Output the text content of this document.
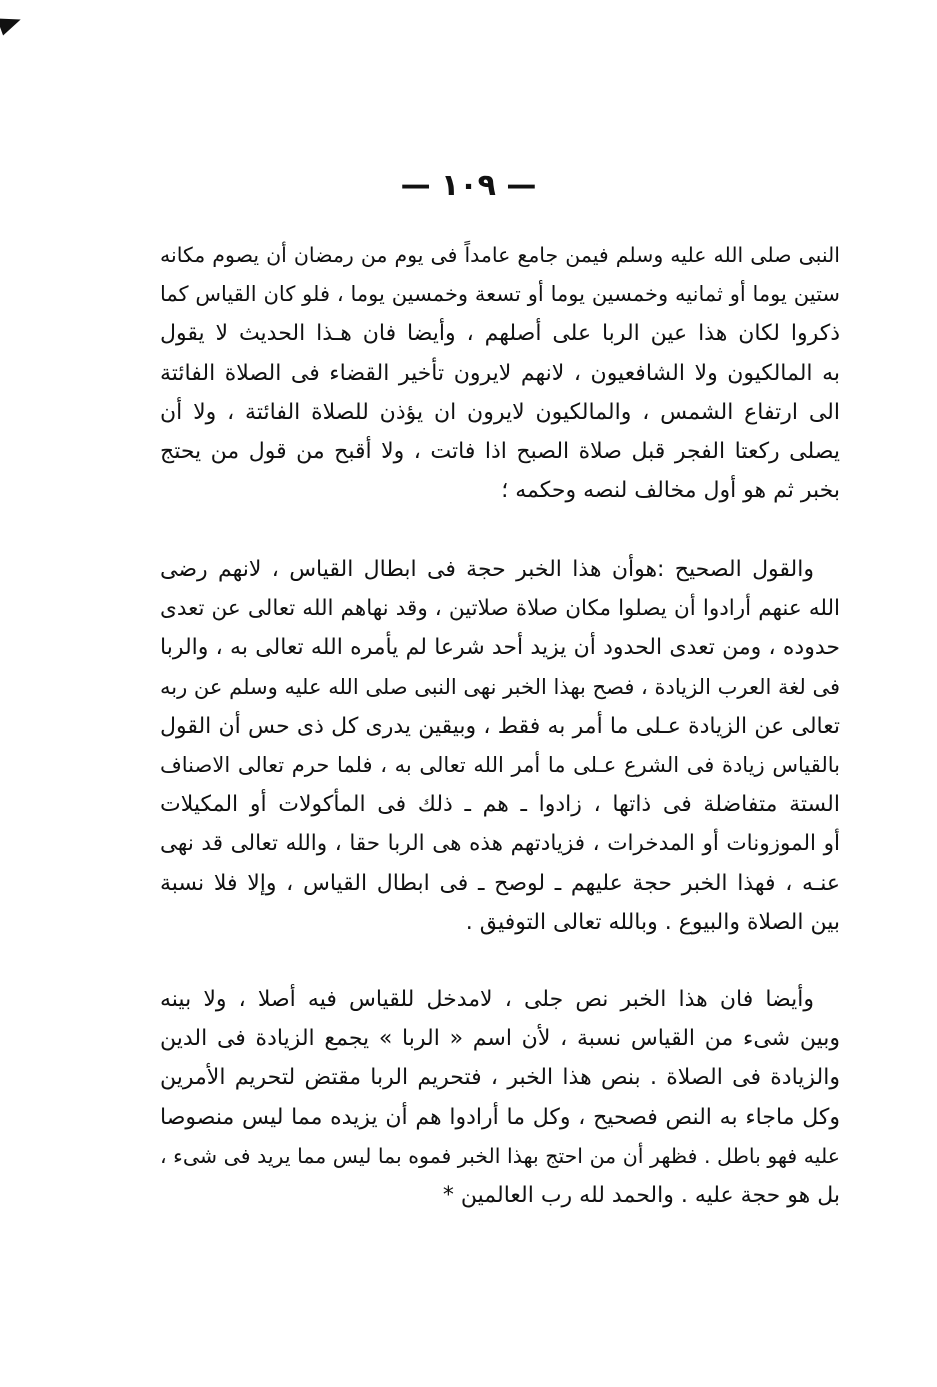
— ١٠٩ —
النبى صلى الله عليه وسلم فيمن جامع عامداً فى يوم من رمضان أن يصوم مكانه
ستين يوما أو ثمانيه وخمسين يوما أو تسعة وخمسين يوما ، فلو كان القياس كما
ذكروا لكان هذا عين الربا على أصلهم ، وأيضا فان هـذا الحديث لا يقول
به المالكيون ولا الشافعيون ، لانهم لايرون تأخير القضاء فى الصلاة الفائتة
الى ارتفاع الشمس ، والمالكيون لايرون ان يؤذن للصلاة الفائتة ، ولا أن
يصلى ركعتا الفجر قبل صلاة الصبح اذا فاتت ، ولا أقبح من قول من يحتج
بخبر ثم هو أول مخالف لنصه وحكمه ؛
والقول الصحيح :هوأن هذا الخبر حجة فى ابطال القياس ، لانهم رضى
الله عنهم أرادوا أن يصلوا مكان صلاة صلاتين ، وقد نهاهم الله تعالى عن تعدى
حدوده ، ومن تعدى الحدود أن يزيد أحد شرعا لم يأمره الله تعالى به ، والربا
فى لغة العرب الزيادة ، فصح بهذا الخبر نهى النبى صلى الله عليه وسلم عن ربه
تعالى عن الزيادة عـلى ما أمر به فقط ، وبيقين يدرى كل ذى حس أن القول
بالقياس زيادة فى الشرع عـلى ما أمر الله تعالى به ، فلما حرم تعالى الاصناف
الستة متفاضلة فى ذاتها ، زادوا ـ هم ـ ذلك فى المأكولات أو المكيلات
أو الموزونات أو المدخرات ، فزيادتهم هذه هى الربا حقا ، والله تعالى قد نهى
عنـه ، فهذا الخبر حجة عليهم ـ لوصح ـ فى ابطال القياس ، وإلا فلا نسبة
بين الصلاة والبيوع . وبالله تعالى التوفيق .
وأيضا فان هذا الخبر نص جلى ، لامدخل للقياس فيه أصلا ، ولا بينه
وبين شىء من القياس نسبة ، لأن اسم « الربا » يجمع الزيادة فى الدين
والزيادة فى الصلاة . بنص هذا الخبر ، فتحريم الربا مقتض لتحريم الأمرين
وكل ماجاء به النص فصحيح ، وكل ما أرادوا هم أن يزيده مما ليس منصوصا
عليه فهو باطل . فظهر أن من احتج بهذا الخبر فموه بما ليس مما يريد فى شىء ،
بل هو حجة عليه . والحمد لله رب العالمين *
